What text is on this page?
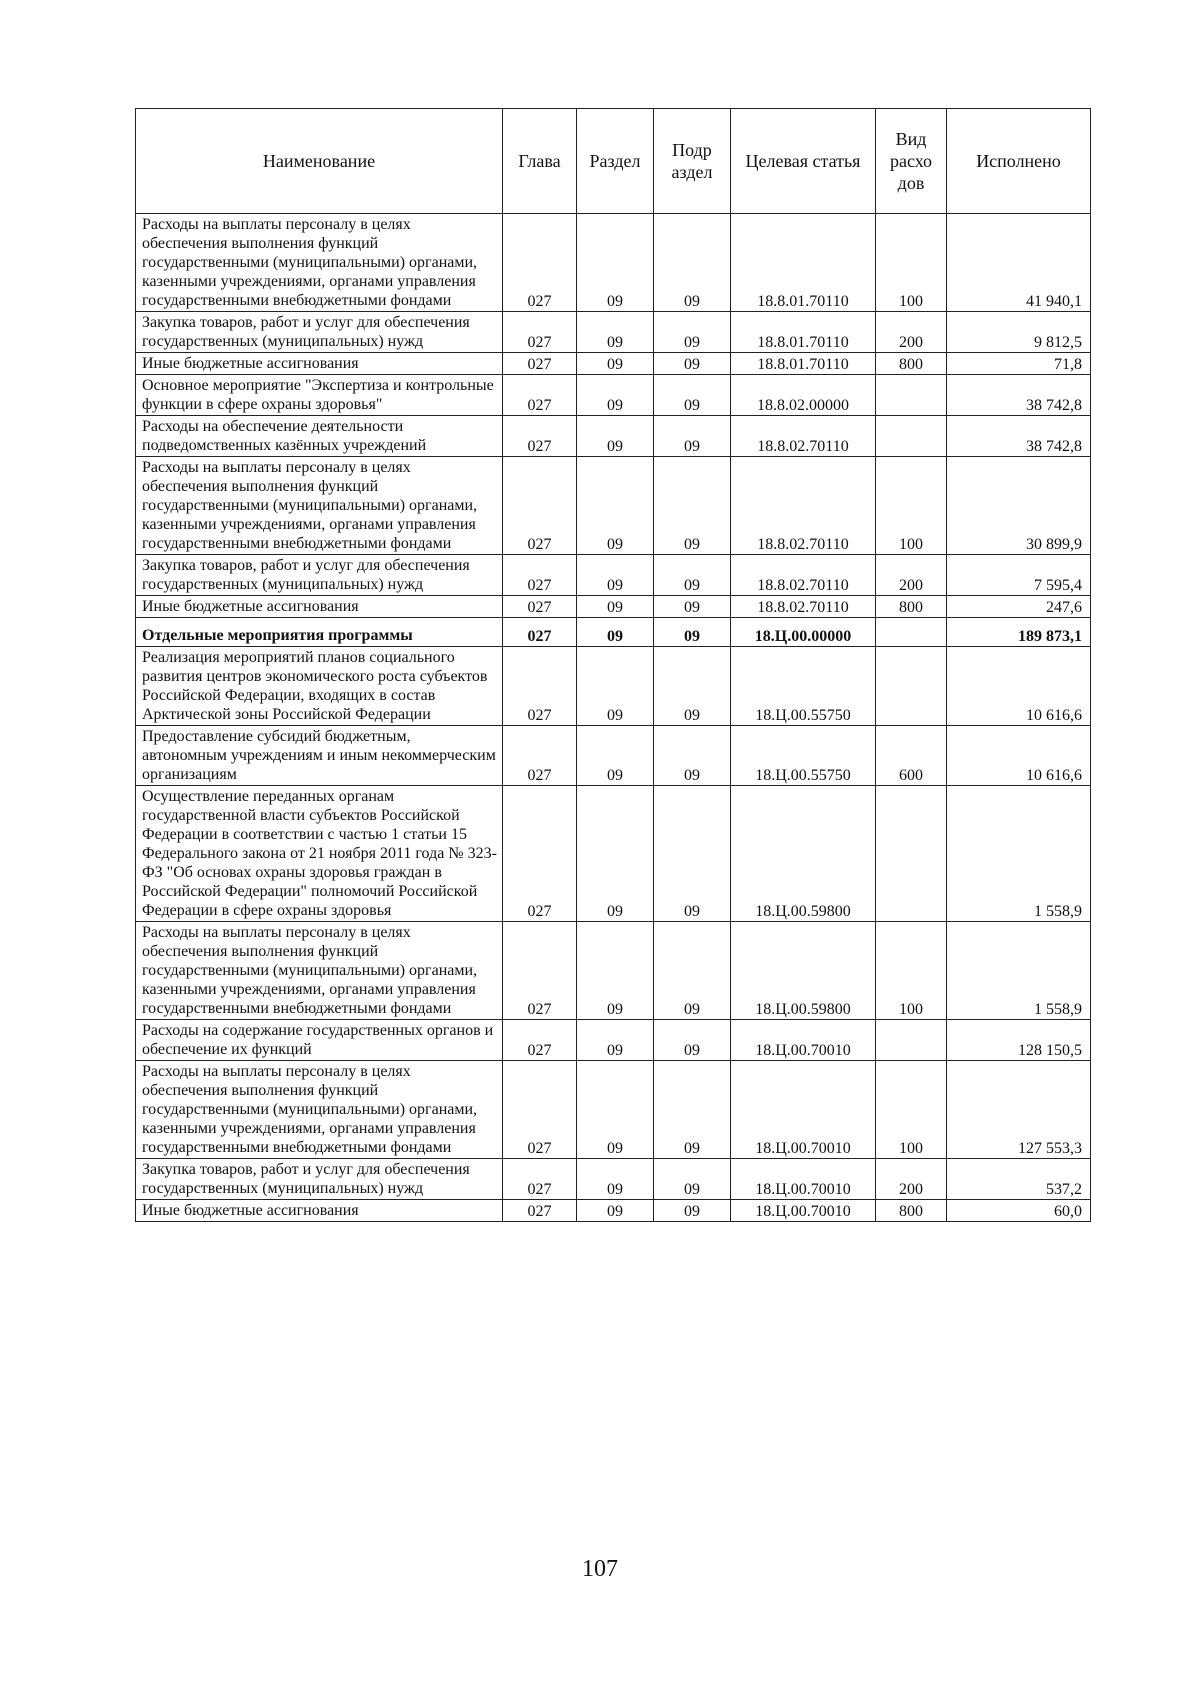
Наименование	Глава	Раздел	Подр аздел	Целевая статья	Вид расхо дов	Исполнено
Расходы на выплаты персоналу в целях обеспечения выполнения функций государственными (муниципальными) органами, казенными учреждениями, органами управления государственными внебюджетными фондами	027	09	09	18.8.01.70110	100	41 940,1
Закупка товаров, работ и услуг для обеспечения государственных (муниципальных) нужд	027	09	09	18.8.01.70110	200	9 812,5
Иные бюджетные ассигнования	027	09	09	18.8.01.70110	800	71,8
Основное мероприятие "Экспертиза и контрольные функции в сфере охраны здоровья"	027	09	09	18.8.02.00000		38 742,8
Расходы на обеспечение деятельности подведомственных казённых учреждений	027	09	09	18.8.02.70110		38 742,8
Расходы на выплаты персоналу в целях обеспечения выполнения функций государственными (муниципальными) органами, казенными учреждениями, органами управления государственными внебюджетными фондами	027	09	09	18.8.02.70110	100	30 899,9
Закупка товаров, работ и услуг для обеспечения государственных (муниципальных) нужд	027	09	09	18.8.02.70110	200	7 595,4
Иные бюджетные ассигнования	027	09	09	18.8.02.70110	800	247,6
Отдельные мероприятия программы	027	09	09	18.Ц.00.00000		189 873,1
Реализация мероприятий планов социального развития центров экономического роста субъектов Российской Федерации, входящих в состав Арктической зоны Российской Федерации	027	09	09	18.Ц.00.55750		10 616,6
Предоставление субсидий бюджетным, автономным учреждениям и иным некоммерческим организациям	027	09	09	18.Ц.00.55750	600	10 616,6
Осуществление переданных органам государственной власти субъектов Российской Федерации в соответствии с частью 1 статьи 15 Федерального закона от 21 ноября 2011 года № 323-ФЗ "Об основах охраны здоровья граждан в Российской Федерации" полномочий Российской Федерации в сфере охраны здоровья	027	09	09	18.Ц.00.59800		1 558,9
Расходы на выплаты персоналу в целях обеспечения выполнения функций государственными (муниципальными) органами, казенными учреждениями, органами управления государственными внебюджетными фондами	027	09	09	18.Ц.00.59800	100	1 558,9
Расходы на содержание государственных органов и обеспечение их функций	027	09	09	18.Ц.00.70010		128 150,5
Расходы на выплаты персоналу в целях обеспечения выполнения функций государственными (муниципальными) органами, казенными учреждениями, органами управления государственными внебюджетными фондами	027	09	09	18.Ц.00.70010	100	127 553,3
Закупка товаров, работ и услуг для обеспечения государственных (муниципальных) нужд	027	09	09	18.Ц.00.70010	200	537,2
Иные бюджетные ассигнования	027	09	09	18.Ц.00.70010	800	60,0
107
